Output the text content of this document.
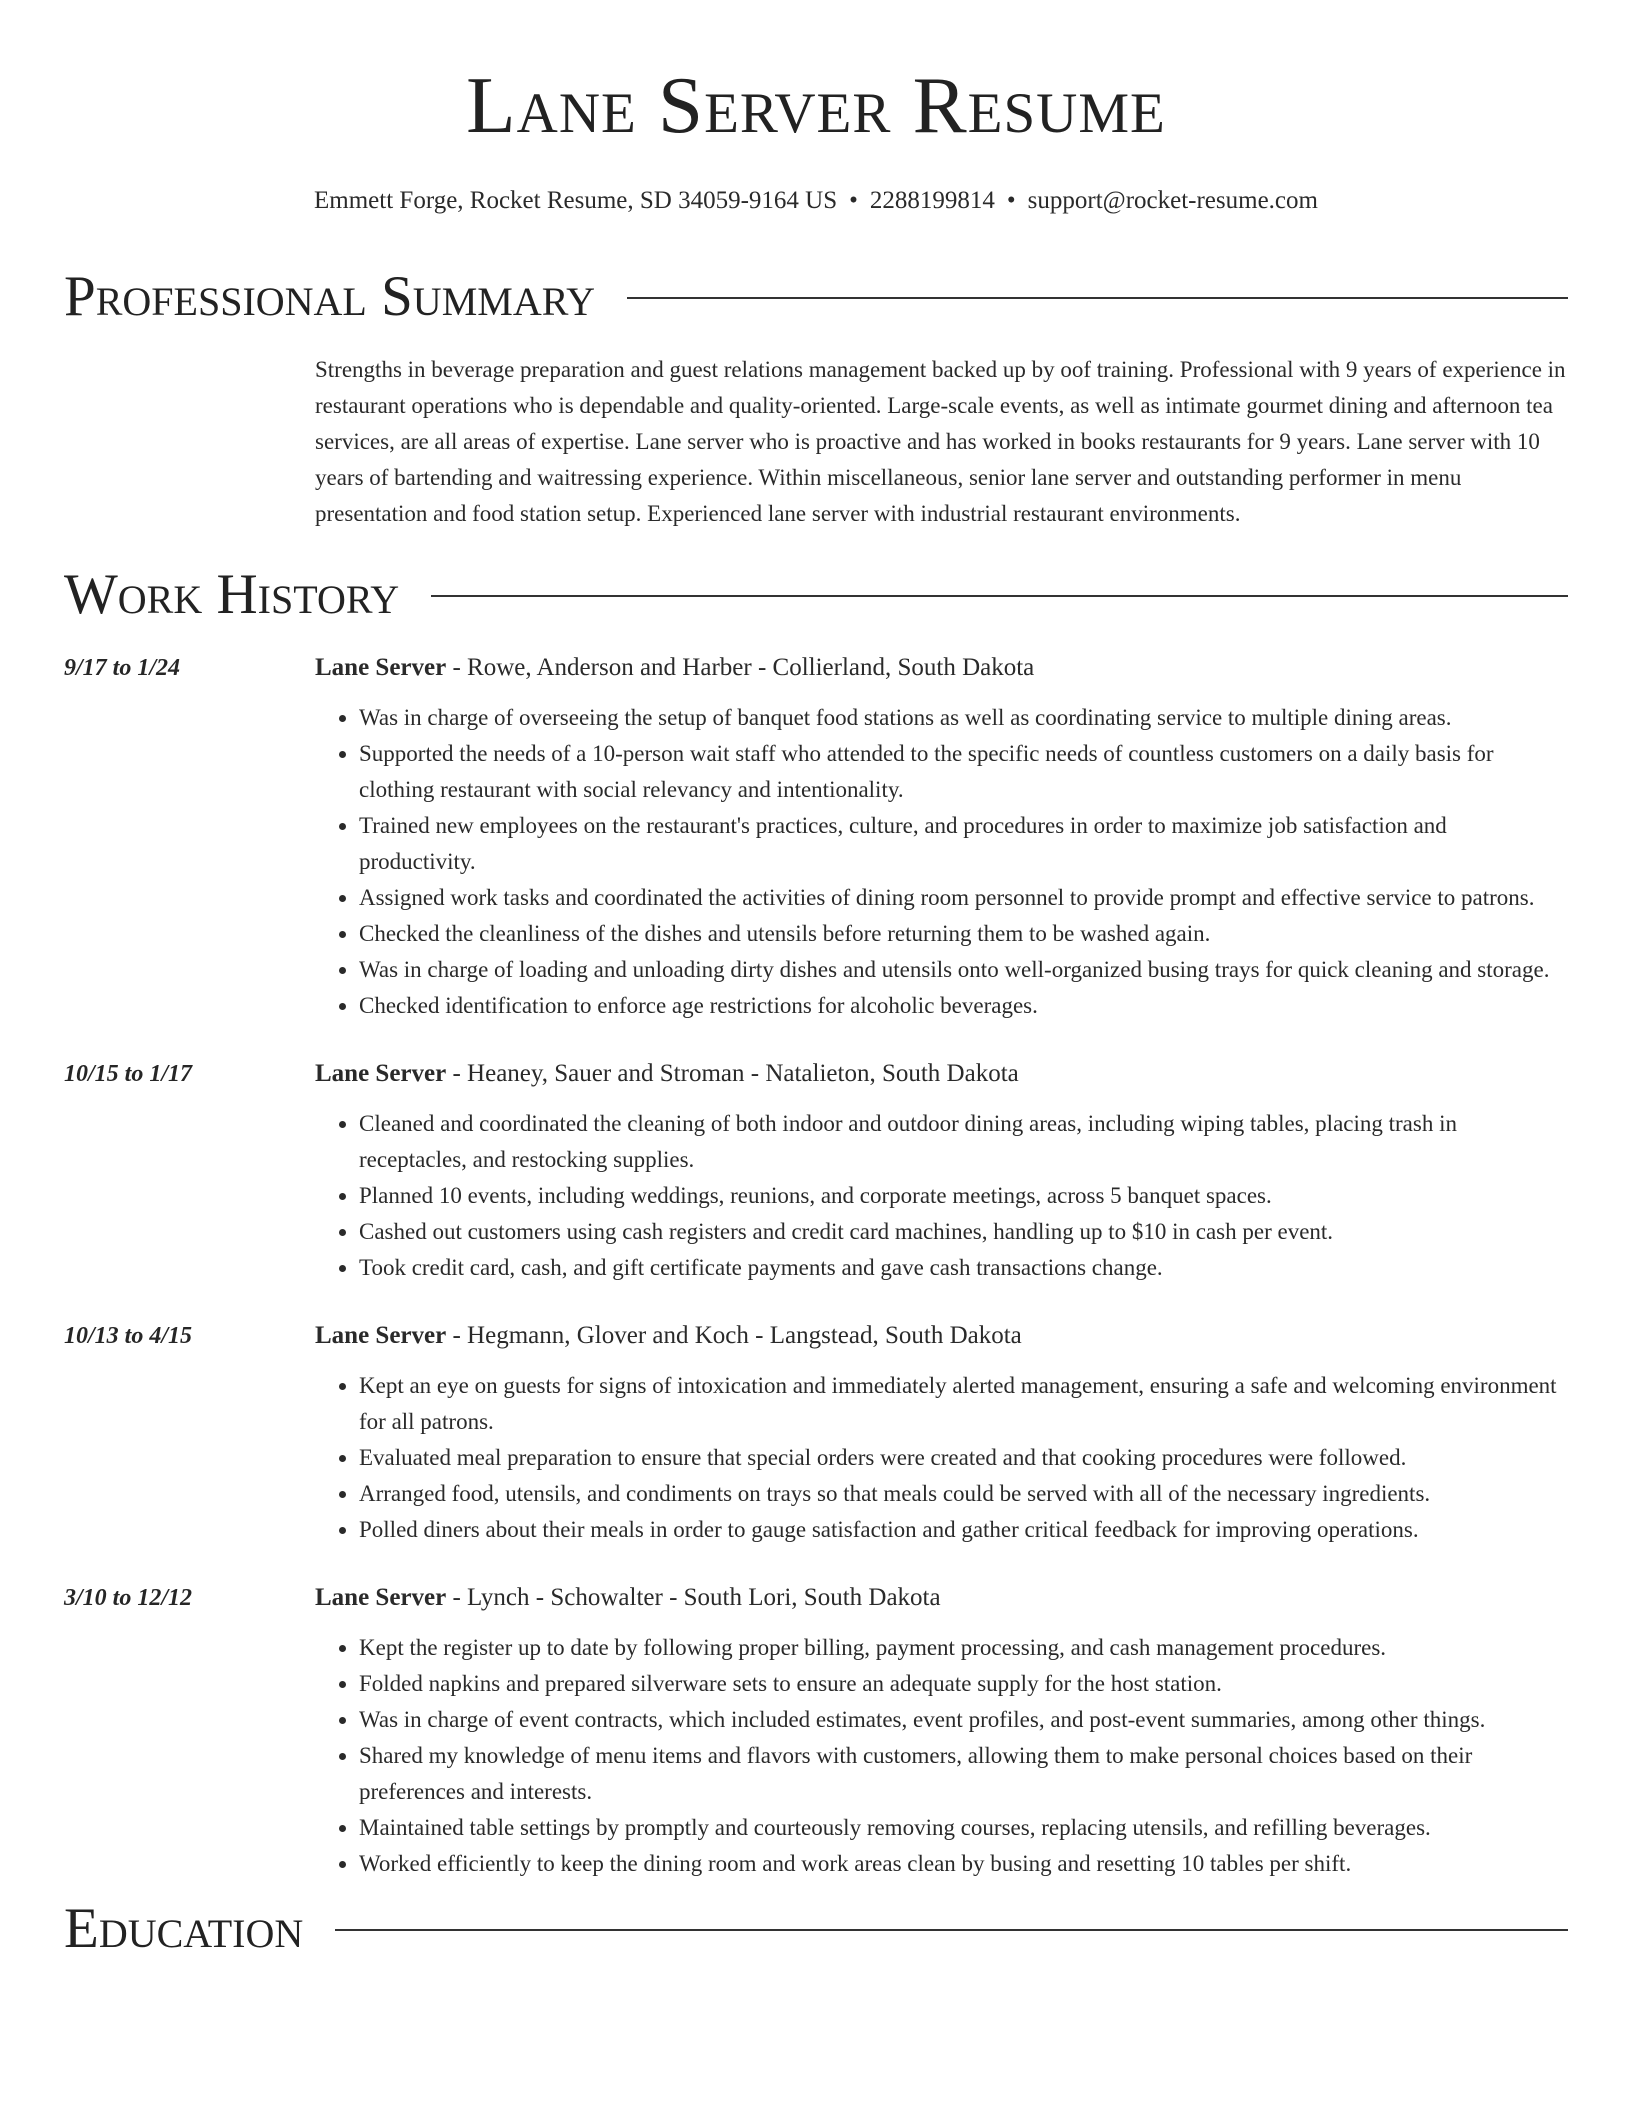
Lane Server Resume
Emmett Forge, Rocket Resume, SD 34059-9164 US • 2288199814 • support@rocket-resume.com
Professional Summary
Strengths in beverage preparation and guest relations management backed up by oof training. Professional with 9 years of experience in restaurant operations who is dependable and quality-oriented. Large-scale events, as well as intimate gourmet dining and afternoon tea services, are all areas of expertise. Lane server who is proactive and has worked in books restaurants for 9 years. Lane server with 10 years of bartending and waitressing experience. Within miscellaneous, senior lane server and outstanding performer in menu presentation and food station setup. Experienced lane server with industrial restaurant environments.
Work History
9/17 to 1/24	Lane Server - Rowe, Anderson and Harber - Collierland, South Dakota
• Was in charge of overseeing the setup of banquet food stations as well as coordinating service to multiple dining areas.
• Supported the needs of a 10-person wait staff who attended to the specific needs of countless customers on a daily basis for clothing restaurant with social relevancy and intentionality.
• Trained new employees on the restaurant's practices, culture, and procedures in order to maximize job satisfaction and productivity.
• Assigned work tasks and coordinated the activities of dining room personnel to provide prompt and effective service to patrons.
• Checked the cleanliness of the dishes and utensils before returning them to be washed again.
• Was in charge of loading and unloading dirty dishes and utensils onto well-organized busing trays for quick cleaning and storage.
• Checked identification to enforce age restrictions for alcoholic beverages.
10/15 to 1/17	Lane Server - Heaney, Sauer and Stroman - Natalieton, South Dakota
• Cleaned and coordinated the cleaning of both indoor and outdoor dining areas, including wiping tables, placing trash in receptacles, and restocking supplies.
• Planned 10 events, including weddings, reunions, and corporate meetings, across 5 banquet spaces.
• Cashed out customers using cash registers and credit card machines, handling up to $10 in cash per event.
• Took credit card, cash, and gift certificate payments and gave cash transactions change.
10/13 to 4/15	Lane Server - Hegmann, Glover and Koch - Langstead, South Dakota
• Kept an eye on guests for signs of intoxication and immediately alerted management, ensuring a safe and welcoming environment for all patrons.
• Evaluated meal preparation to ensure that special orders were created and that cooking procedures were followed.
• Arranged food, utensils, and condiments on trays so that meals could be served with all of the necessary ingredients.
• Polled diners about their meals in order to gauge satisfaction and gather critical feedback for improving operations.
3/10 to 12/12	Lane Server - Lynch - Schowalter - South Lori, South Dakota
• Kept the register up to date by following proper billing, payment processing, and cash management procedures.
• Folded napkins and prepared silverware sets to ensure an adequate supply for the host station.
• Was in charge of event contracts, which included estimates, event profiles, and post-event summaries, among other things.
• Shared my knowledge of menu items and flavors with customers, allowing them to make personal choices based on their preferences and interests.
• Maintained table settings by promptly and courteously removing courses, replacing utensils, and refilling beverages.
• Worked efficiently to keep the dining room and work areas clean by busing and resetting 10 tables per shift.
Education
